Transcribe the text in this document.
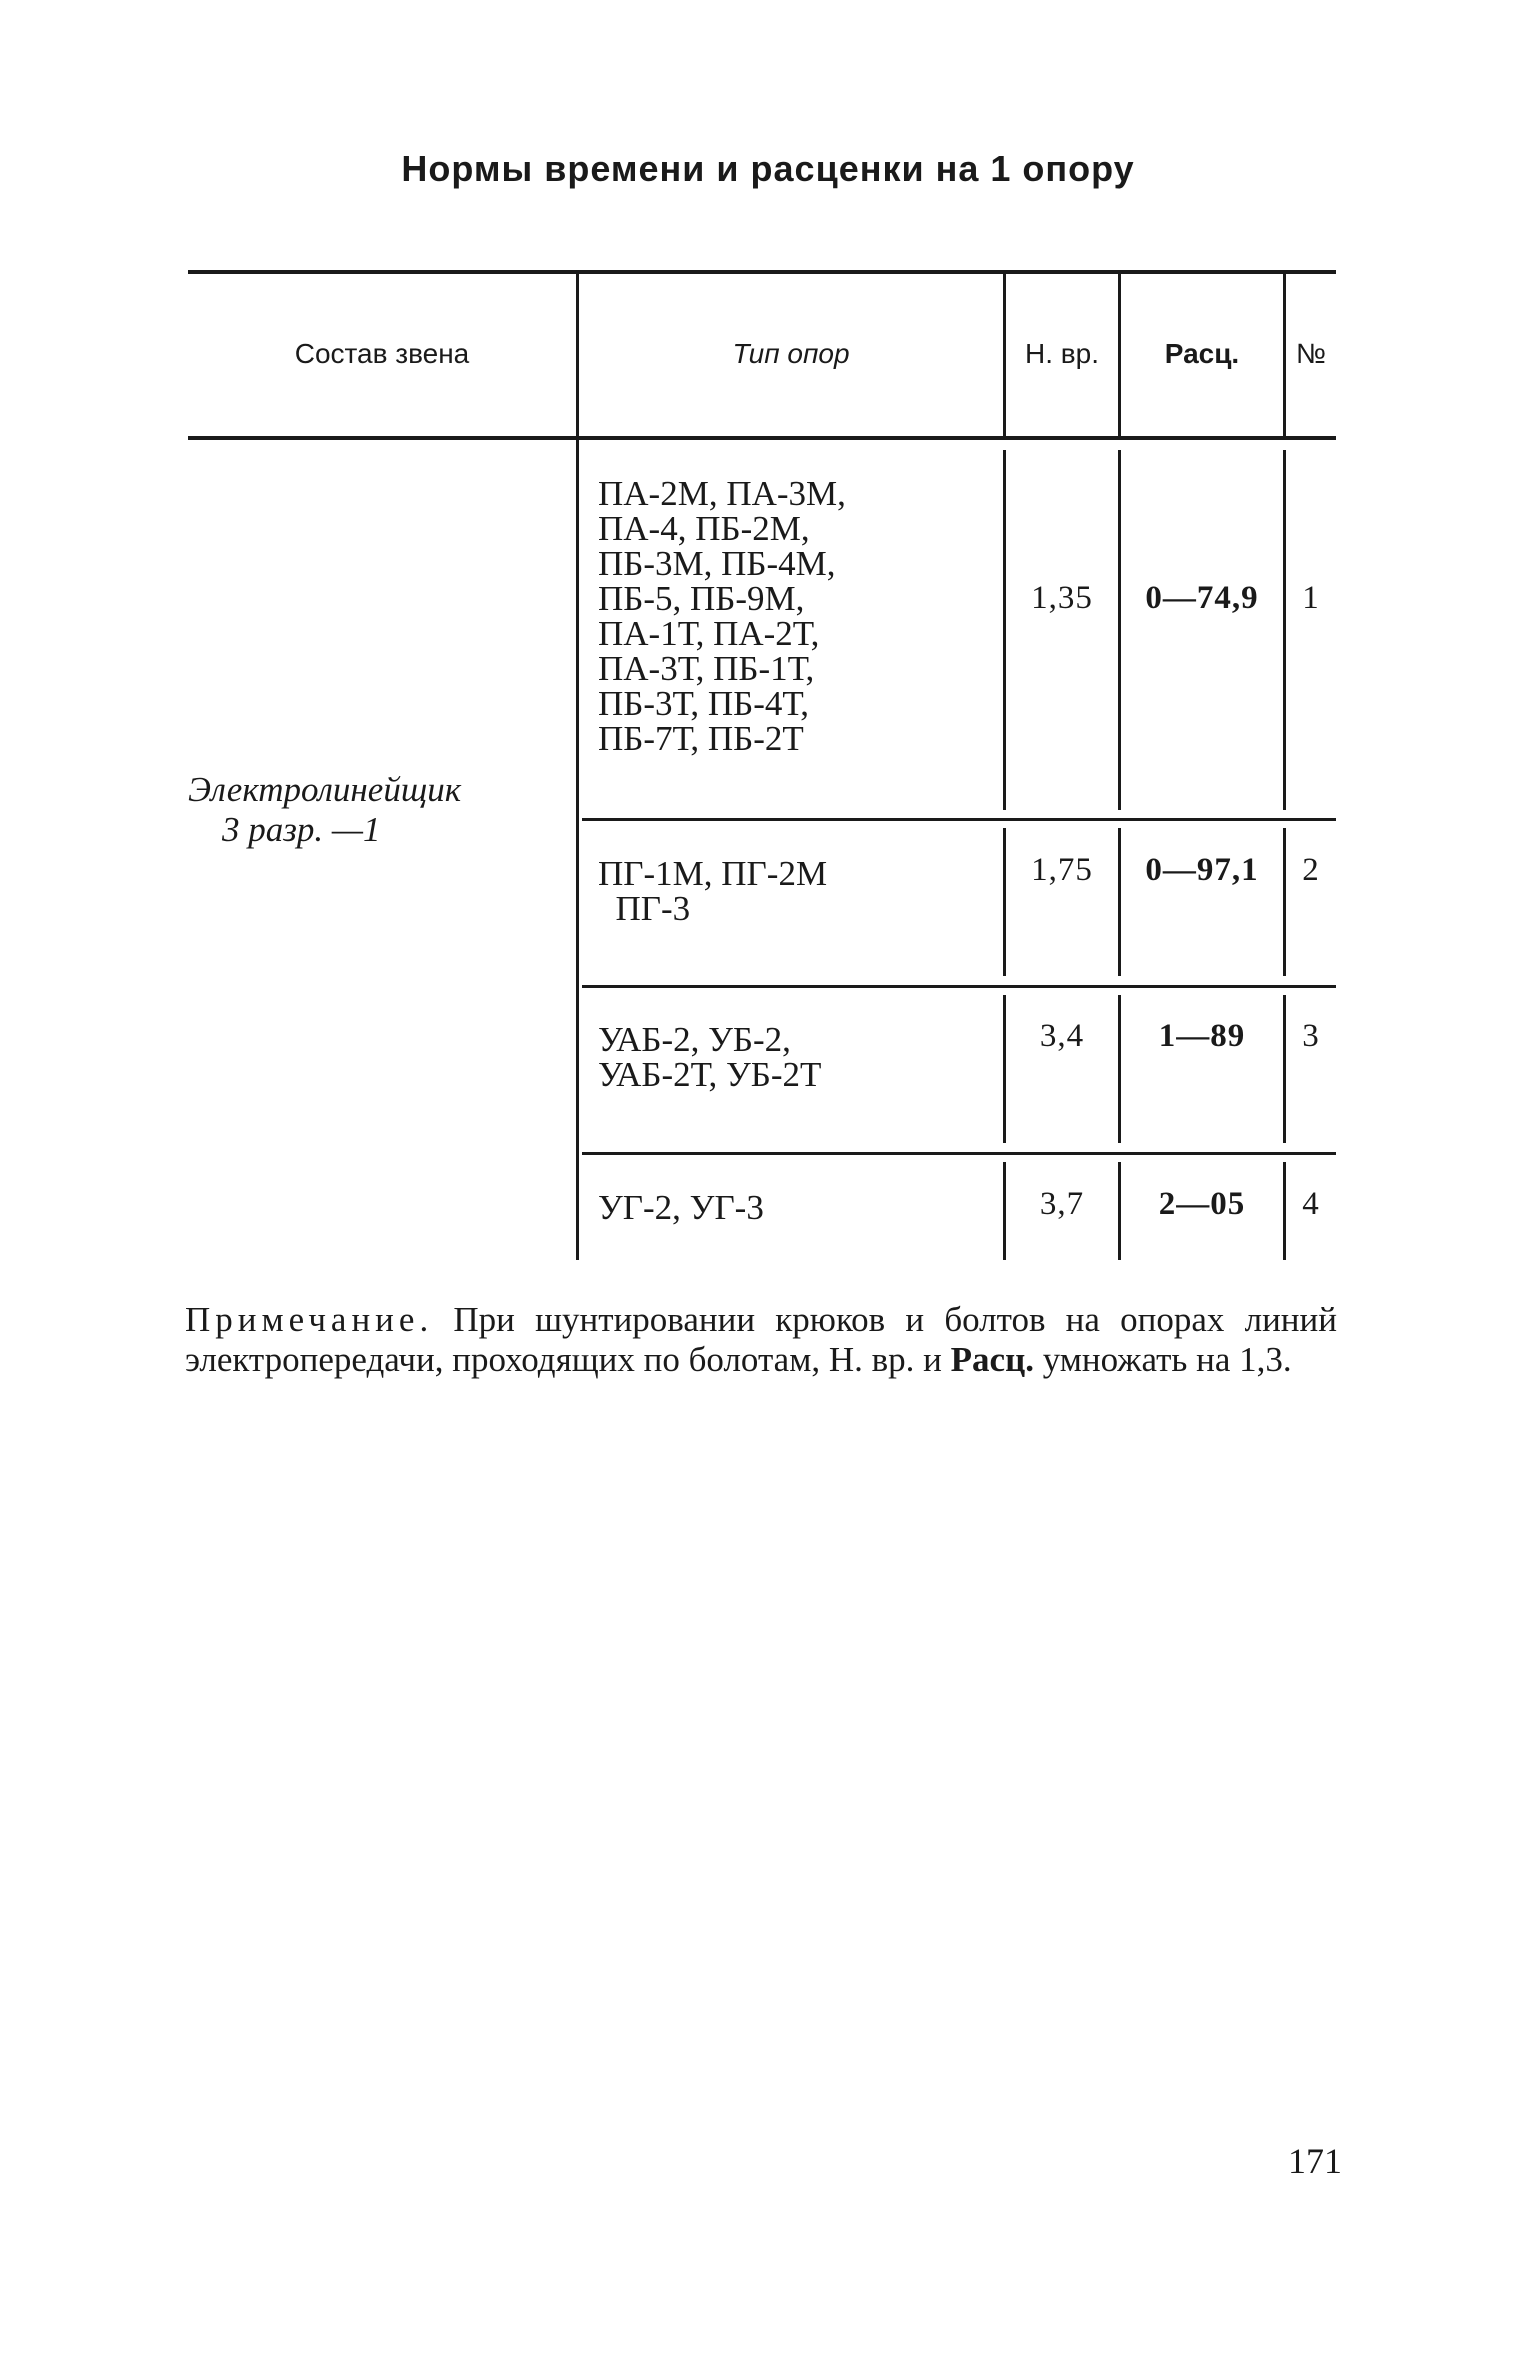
Нормы времени и расценки на 1 опору
Состав звена	Тип опор	Н. вр.	Расц.	№
Электролинейщик
3 разр. —1
ПА-2М, ПА-3М,
ПА-4, ПБ-2М,
ПБ-3М, ПБ-4М,
ПБ-5, ПБ-9М,
ПА-1Т, ПА-2Т,
ПА-3Т, ПБ-1Т,
ПБ-3Т, ПБ-4Т,
ПБ-7Т, ПБ-2Т
1,35	0—74,9	1
ПГ-1М, ПГ-2М
ПГ-3
1,75	0—97,1	2
УАБ-2, УБ-2,
УАБ-2Т, УБ-2Т
3,4	1—89	3
УГ-2, УГ-3	3,7	2—05	4
Примечание. При шунтировании крюков и болтов на опорах линий электропередачи, проходящих по болотам, Н. вр. и Расц. умножать на 1,3.
171
